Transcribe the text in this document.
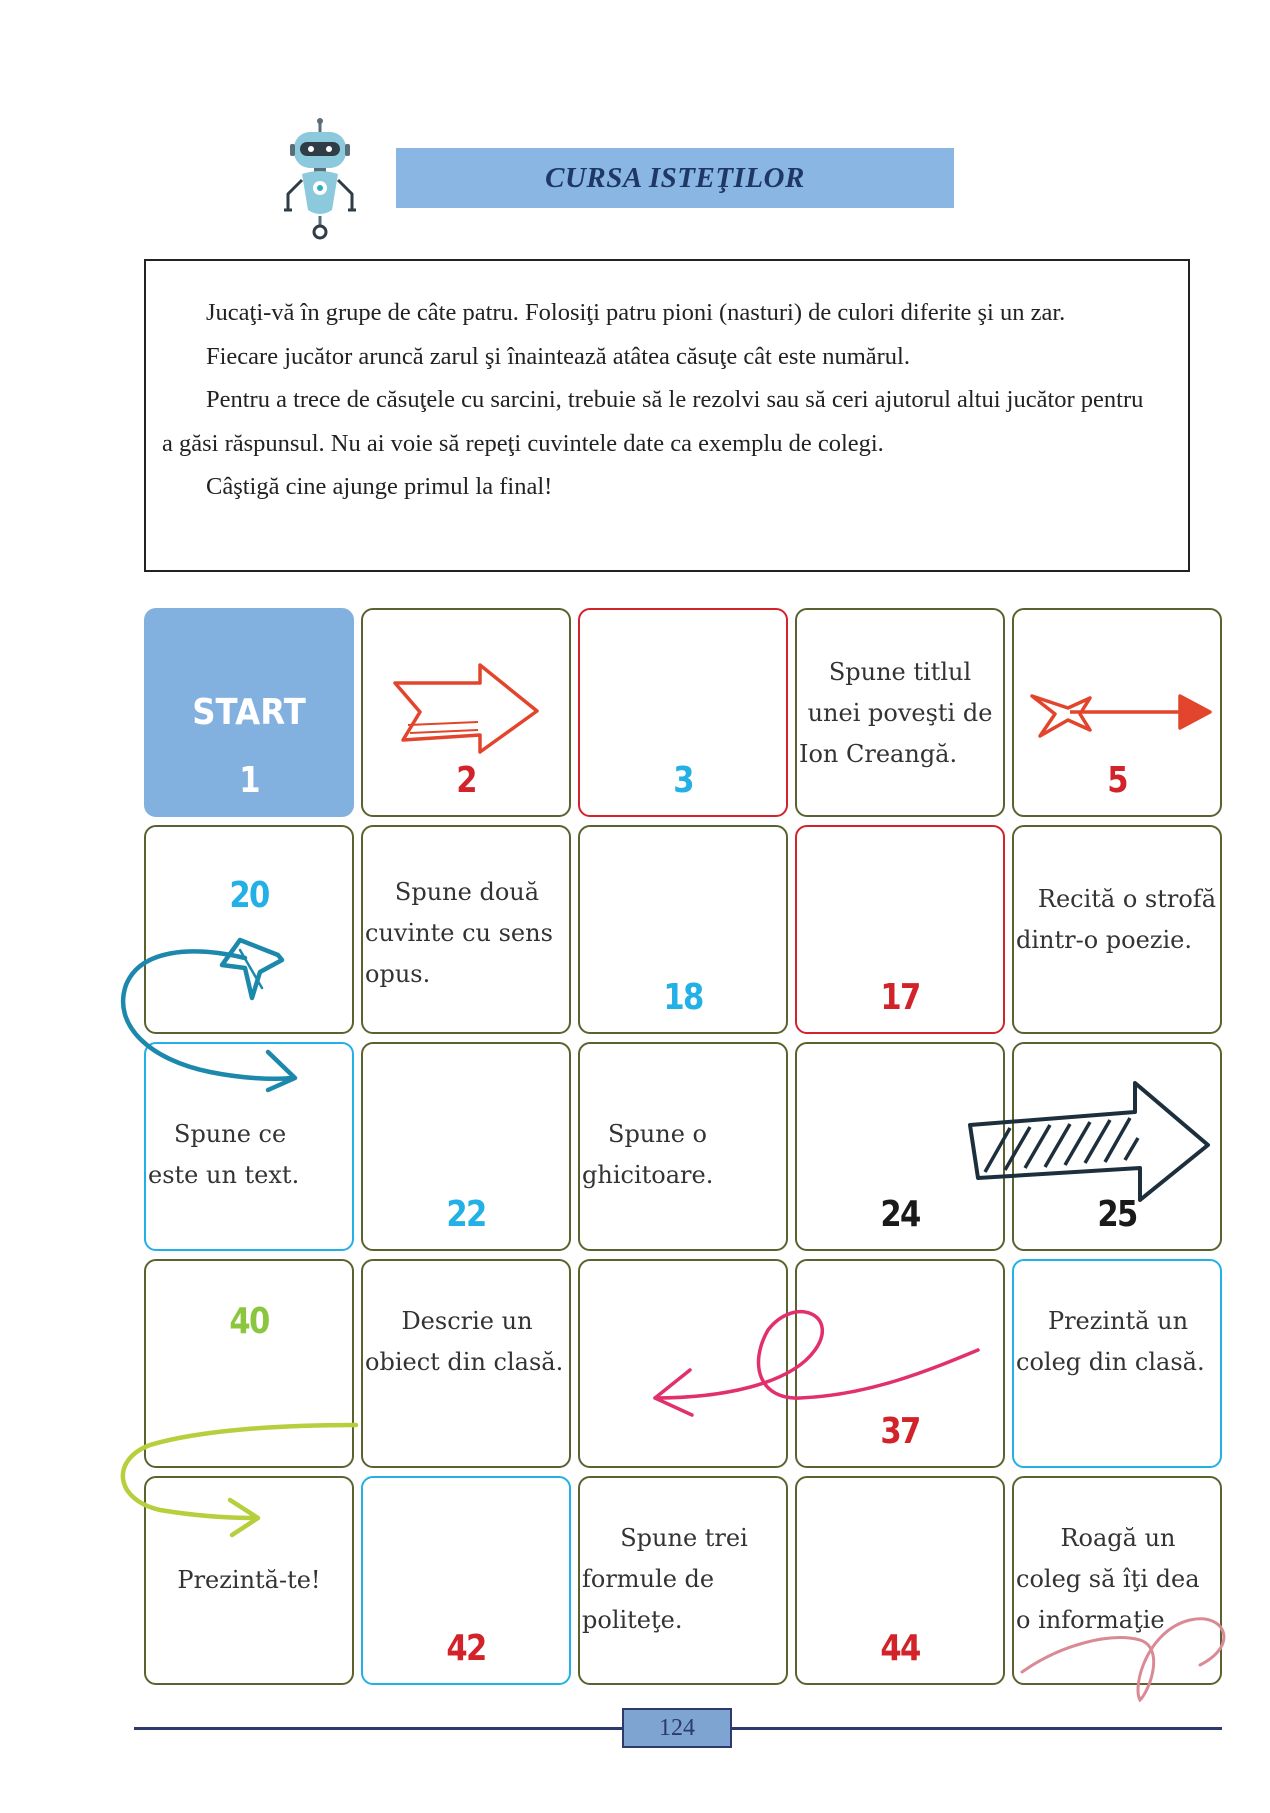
CURSA ISTEŢILOR

Jucaţi-vă în grupe de câte patru. Folosiţi patru pioni (nasturi) de culori diferite şi un zar.

Fiecare jucător aruncă zarul şi înaintează atâtea căsuţe cât este numărul.

Pentru a trece de căsuţele cu sarcini, trebuie să le rezolvi sau să ceri ajutorul altui jucător pentru a găsi răspunsul. Nu ai voie să repeţi cuvintele date ca exemplu de colegi.

Câştigă cine ajunge primul la final!

START
1	2	3
Spune titlul
unei poveşti de
Ion Creangă.
5
20	Spune două
cuvinte cu sens
opus.
18	17
Recită o strofă
dintr-o poezie.
Spune ce
este un text.
22
Spune o
ghicitoare.
24	25
40	Descrie un
obiect din clasă.
37
Prezintă un
coleg din clasă.
Prezintă-te!
42
Spune trei
formule de
politeţe.
44
Roagă un
coleg să îţi dea
o informaţie
124
